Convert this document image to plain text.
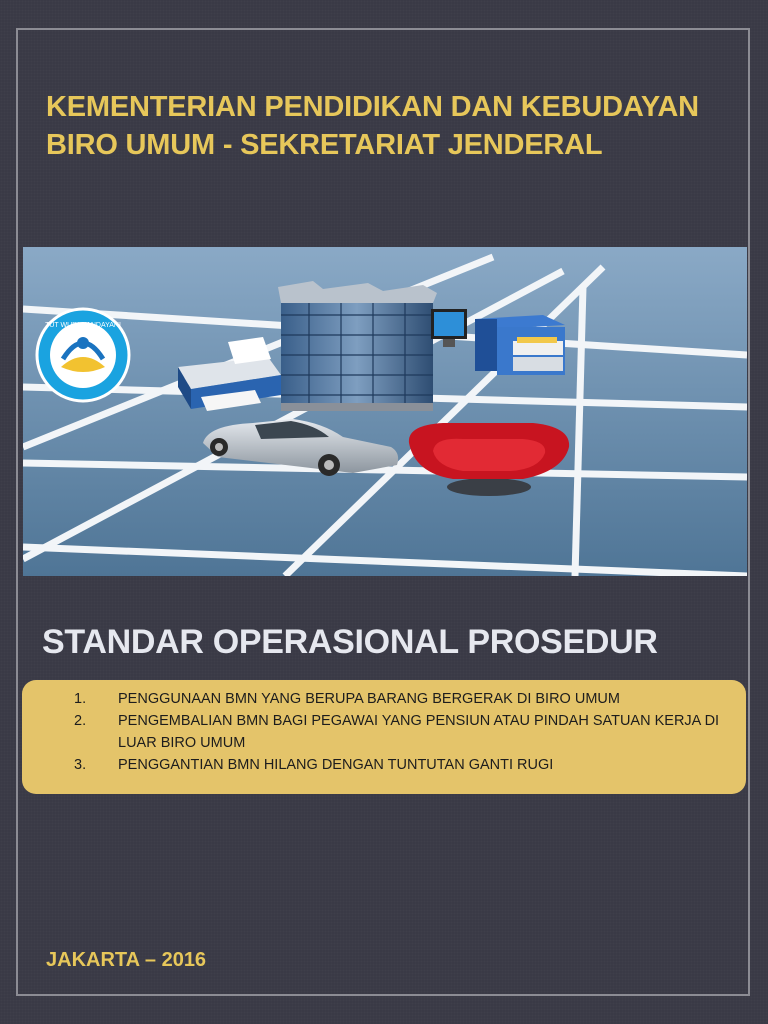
KEMENTERIAN PENDIDIKAN DAN KEBUDAYAN
BIRO UMUM - SEKRETARIAT JENDERAL
TUT WURI HANDAYANI
STANDAR OPERASIONAL PROSEDUR
1.	PENGGUNAAN BMN YANG BERUPA BARANG BERGERAK DI BIRO UMUM
2.	PENGEMBALIAN BMN BAGI PEGAWAI YANG PENSIUN ATAU PINDAH SATUAN KERJA DI LUAR BIRO UMUM
3.	PENGGANTIAN BMN HILANG DENGAN TUNTUTAN GANTI RUGI

JAKARTA – 2016
